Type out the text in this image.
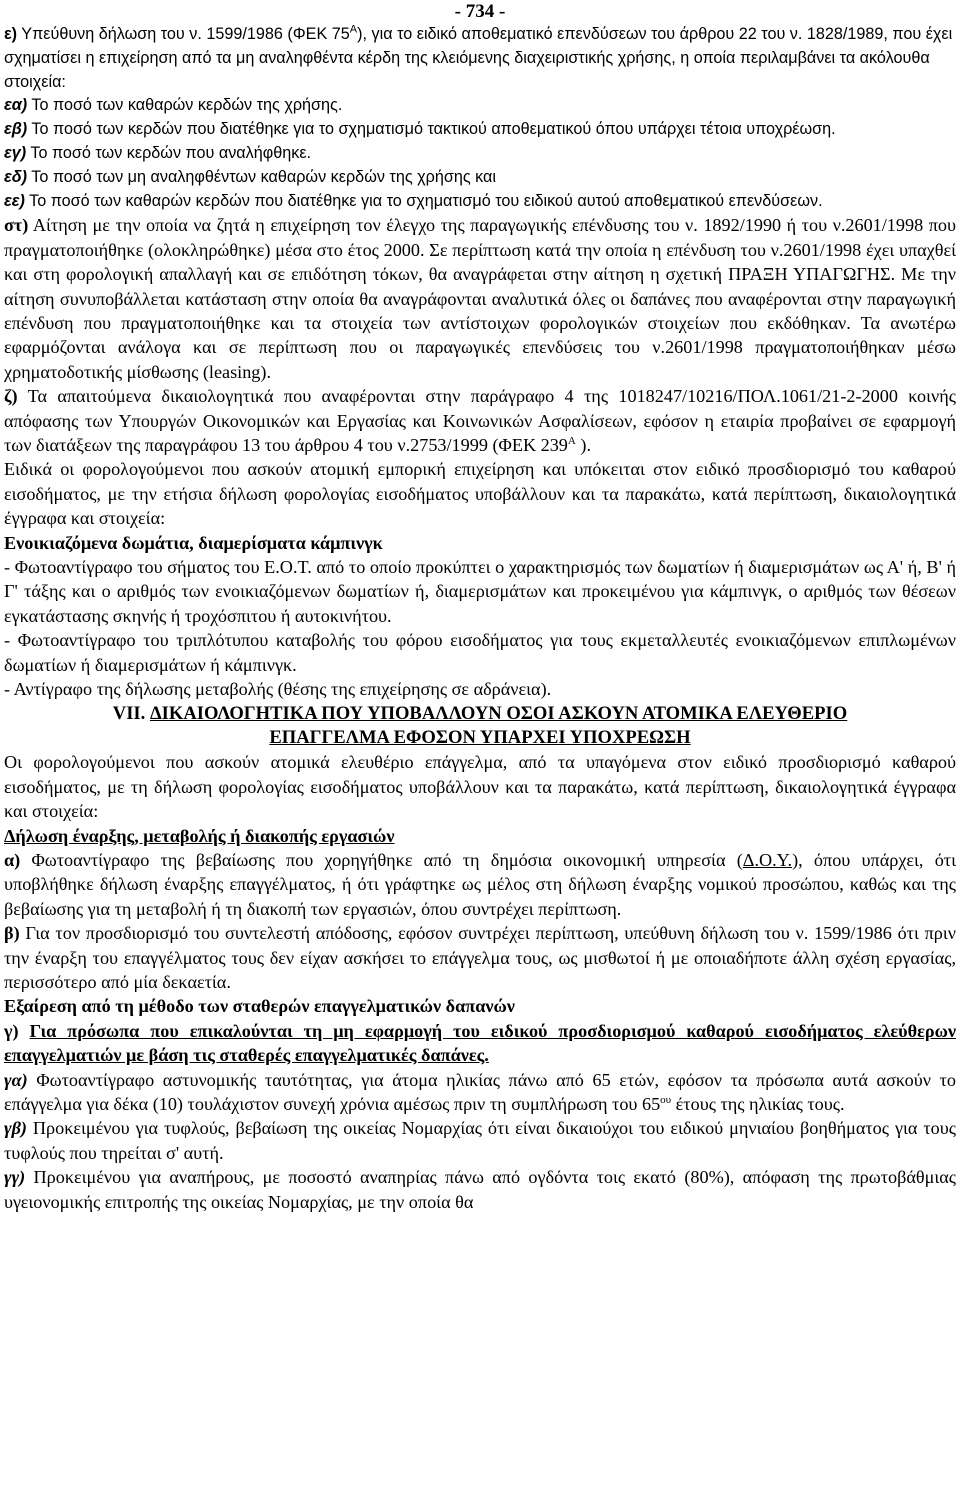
- 734 -

ε) Υπεύθυνη δήλωση του ν. 1599/1986 (ΦΕΚ $75^A$), για το ειδικό αποθεματικό επενδύσεων του άρθρου 22 του ν. 1828/1989, που έχει σχηματίσει η επιχείρηση από τα μη αναληφθέντα κέρδη της κλειόμενης διαχειριστικής χρήσης, η οποία περιλαμβάνει τα ακόλουθα στοιχεία:

εα) Το ποσό των καθαρών κερδών της χρήσης.

εβ) Το ποσό των κερδών που διατέθηκε για το σχηματισμό τακτικού αποθεματικού όπου υπάρχει τέτοια υποχρέωση.

εγ) Το ποσό των κερδών που αναλήφθηκε.

εδ) Το ποσό των μη αναληφθέντων καθαρών κερδών της χρήσης και

εε) Το ποσό των καθαρών κερδών που διατέθηκε για το σχηματισμό του ειδικού αυτού αποθεματικού επενδύσεων.

στ) Αίτηση με την οποία να ζητά η επιχείρηση τον έλεγχο της παραγωγικής επένδυσης του ν. 1892/1990 ή του ν.2601/1998 που πραγματοποιήθηκε (ολοκληρώθηκε) μέσα στο έτος 2000. Σε περίπτωση κατά την οποία η επένδυση του ν.2601/1998 έχει υπαχθεί και στη φορολογική απαλλαγή και σε επιδότηση τόκων, θα αναγράφεται στην αίτηση η σχετική ΠΡΑΞΗ ΥΠΑΓΩΓΗΣ. Με την αίτηση συνυποβάλλεται κατάσταση στην οποία θα αναγράφονται αναλυτικά όλες οι δαπάνες που αναφέρονται στην παραγωγική επένδυση που πραγματοποιήθηκε και τα στοιχεία των αντίστοιχων φορολογικών στοιχείων που εκδόθηκαν. Τα ανωτέρω εφαρμόζονται ανάλογα και σε περίπτωση που οι παραγωγικές επενδύσεις του ν.2601/1998 πραγματοποιήθηκαν μέσω χρηματοδοτικής μίσθωσης (leasing).

ζ) Τα απαιτούμενα δικαιολογητικά που αναφέρονται στην παράγραφο 4 της 1018247/10216/ΠΟΛ.1061/21-2-2000 κοινής απόφασης των Υπουργών Οικονομικών και Εργασίας και Κοινωνικών Ασφαλίσεων, εφόσον η εταιρία προβαίνει σε εφαρμογή των διατάξεων της παραγράφου 13 του άρθρου 4 του ν.2753/1999 (ΦΕΚ $239^A$ ).

Ειδικά οι φορολογούμενοι που ασκούν ατομική εμπορική επιχείρηση και υπόκειται στον ειδικό προσδιορισμό του καθαρού εισοδήματος, με την ετήσια δήλωση φορολογίας εισοδήματος υποβάλλουν και τα παρακάτω, κατά περίπτωση, δικαιολογητικά έγγραφα και στοιχεία:

Ενοικιαζόμενα δωμάτια, διαμερίσματα κάμπινγκ

- Φωτοαντίγραφο του σήματος του Ε.Ο.Τ. από το οποίο προκύπτει ο χαρακτηρισμός των δωματίων ή διαμερισμάτων ως Α' ή, Β' ή Γ' τάξης και ο αριθμός των ενοικιαζόμενων δωματίων ή, διαμερισμάτων και προκειμένου για κάμπινγκ, ο αριθμός των θέσεων εγκατάστασης σκηνής ή τροχόσπιτου ή αυτοκινήτου.

- Φωτοαντίγραφο του τριπλότυπου καταβολής του φόρου εισοδήματος για τους εκμεταλλευτές ενοικιαζόμενων επιπλωμένων δωματίων ή διαμερισμάτων ή κάμπινγκ.

- Αντίγραφο της δήλωσης μεταβολής (θέσης της επιχείρησης σε αδράνεια).

VII. ΔΙΚΑΙΟΛΟΓΗΤΙΚΑ ΠΟΥ ΥΠΟΒΑΛΛΟΥΝ ΟΣΟΙ ΑΣΚΟΥΝ ΑΤΟΜΙΚΑ ΕΛΕΥΘΕΡΙΟ

ΕΠΑΓΓΕΛΜΑ ΕΦΟΣΟΝ ΥΠΑΡΧΕΙ ΥΠΟΧΡΕΩΣΗ

Οι φορολογούμενοι που ασκούν ατομικά ελευθέριο επάγγελμα, από τα υπαγόμενα στον ειδικό προσδιορισμό καθαρού εισοδήματος, με τη δήλωση φορολογίας εισοδήματος υποβάλλουν και τα παρακάτω, κατά περίπτωση, δικαιολογητικά έγγραφα και στοιχεία:

Δήλωση έναρξης, μεταβολής ή διακοπής εργασιών

α) Φωτοαντίγραφο της βεβαίωσης που χορηγήθηκε από τη δημόσια οικονομική υπηρεσία (Δ.Ο.Υ.), όπου υπάρχει, ότι υποβλήθηκε δήλωση έναρξης επαγγέλματος, ή ότι γράφτηκε ως μέλος στη δήλωση έναρξης νομικού προσώπου, καθώς και της βεβαίωσης για τη μεταβολή ή τη διακοπή των εργασιών, όπου συντρέχει περίπτωση.

β) Για τον προσδιορισμό του συντελεστή απόδοσης, εφόσον συντρέχει περίπτωση, υπεύθυνη δήλωση του ν. 1599/1986 ότι πριν την έναρξη του επαγγέλματος τους δεν είχαν ασκήσει το επάγγελμα τους, ως μισθωτοί ή με οποιαδήποτε άλλη σχέση εργασίας, περισσότερο από μία δεκαετία.

Εξαίρεση από τη μέθοδο των σταθερών επαγγελματικών δαπανών

γ) Για πρόσωπα που επικαλούνται τη μη εφαρμογή του ειδικού προσδιορισμού καθαρού εισοδήματος ελεύθερων επαγγελματιών με βάση τις σταθερές επαγγελματικές δαπάνες.

γα) Φωτοαντίγραφο αστυνομικής ταυτότητας, για άτομα ηλικίας πάνω από 65 ετών, εφόσον τα πρόσωπα αυτά ασκούν το επάγγελμα για δέκα (10) τουλάχιστον συνεχή χρόνια αμέσως πριν τη συμπλήρωση του $65^{o\upsilon}$ έτους της ηλικίας τους.

γβ) Προκειμένου για τυφλούς, βεβαίωση της οικείας Νομαρχίας ότι είναι δικαιούχοι του ειδικού μηνιαίου βοηθήματος για τους τυφλούς που τηρείται σ' αυτή.

γγ) Προκειμένου για αναπήρους, με ποσοστό αναπηρίας πάνω από ογδόντα τοις εκατό (80%), απόφαση της πρωτοβάθμιας υγειονομικής επιτροπής της οικείας Νομαρχίας, με την οποία θα
